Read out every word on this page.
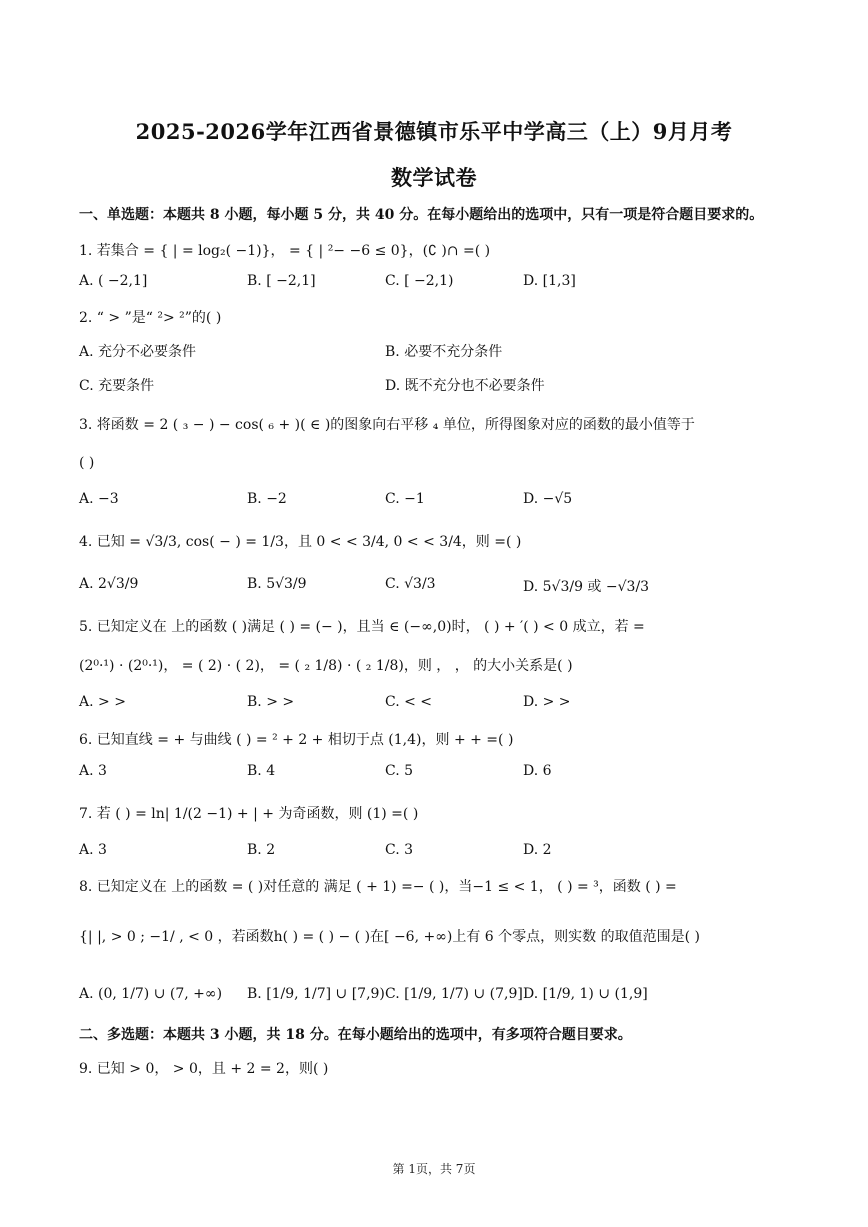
2025-2026学年江西省景德镇市乐平中学高三（上）9月月考
数学试卷
一、单选题：本题共 8 小题，每小题 5 分，共 40 分。在每小题给出的选项中，只有一项是符合题目要求的。
1. 若集合 = { | = log₂( −1)}， = { | ²− −6 ≤ 0}，(∁ )∩ =( )
A. ( −2,1]	B. [ −2,1]	C. [ −2,1)	D. [1,3]
2. “ > ”是“ ²> ²”的( )
A. 充分不必要条件	B. 必要不充分条件
C. 充要条件	D. 既不充分也不必要条件
3. 将函数 = 2 ( ₃ − ) − cos( ₆ + )( ∈ )的图象向右平移 ₄ 单位，所得图象对应的函数的最小值等于
( )
A. −3	B. −2	C. −1	D. −√5
4. 已知 = √3/3, cos( − ) = 1/3，且 0 < < 3/4, 0 < < 3/4，则 =( )
A. 2√3/9	B. 5√3/9	C. √3/3	D. 5√3/9 或 −√3/3
5. 已知定义在 上的函数 ( )满足 ( ) = (− )，且当 ∈ (−∞,0)时， ( ) + ′( ) < 0 成立，若 =
(2⁰·¹) · (2⁰·¹)， = ( 2) · ( 2)， = ( ₂ 1/8) · ( ₂ 1/8)，则 ， ， 的大小关系是( )
A. > >	B. > >	C. < <	D. > >
6. 已知直线 = + 与曲线 ( ) = ² + 2 + 相切于点 (1,4)，则 + + =( )
A. 3	B. 4	C. 5	D. 6
7. 若 ( ) = ln| 1/(2 −1) + | + 为奇函数，则 (1) =( )
A. 3	B. 2	C. 3	D. 2
8. 已知定义在 上的函数 = ( )对任意的 满足 ( + 1) =− ( )，当−1 ≤ < 1， ( ) = ³，函数 ( ) =
{| |, > 0 ; −1/ , < 0 ，若函数h( ) = ( ) − ( )在[ −6, +∞)上有 6 个零点，则实数 的取值范围是( )
A. (0, 1/7) ∪ (7, +∞) B. [1/9, 1/7] ∪ [7,9) C. [1/9, 1/7) ∪ (7,9] D. [1/9, 1) ∪ (1,9]
二、多选题：本题共 3 小题，共 18 分。在每小题给出的选项中，有多项符合题目要求。
9. 已知 > 0， > 0，且 + 2 = 2，则( )
第 1页，共 7页
